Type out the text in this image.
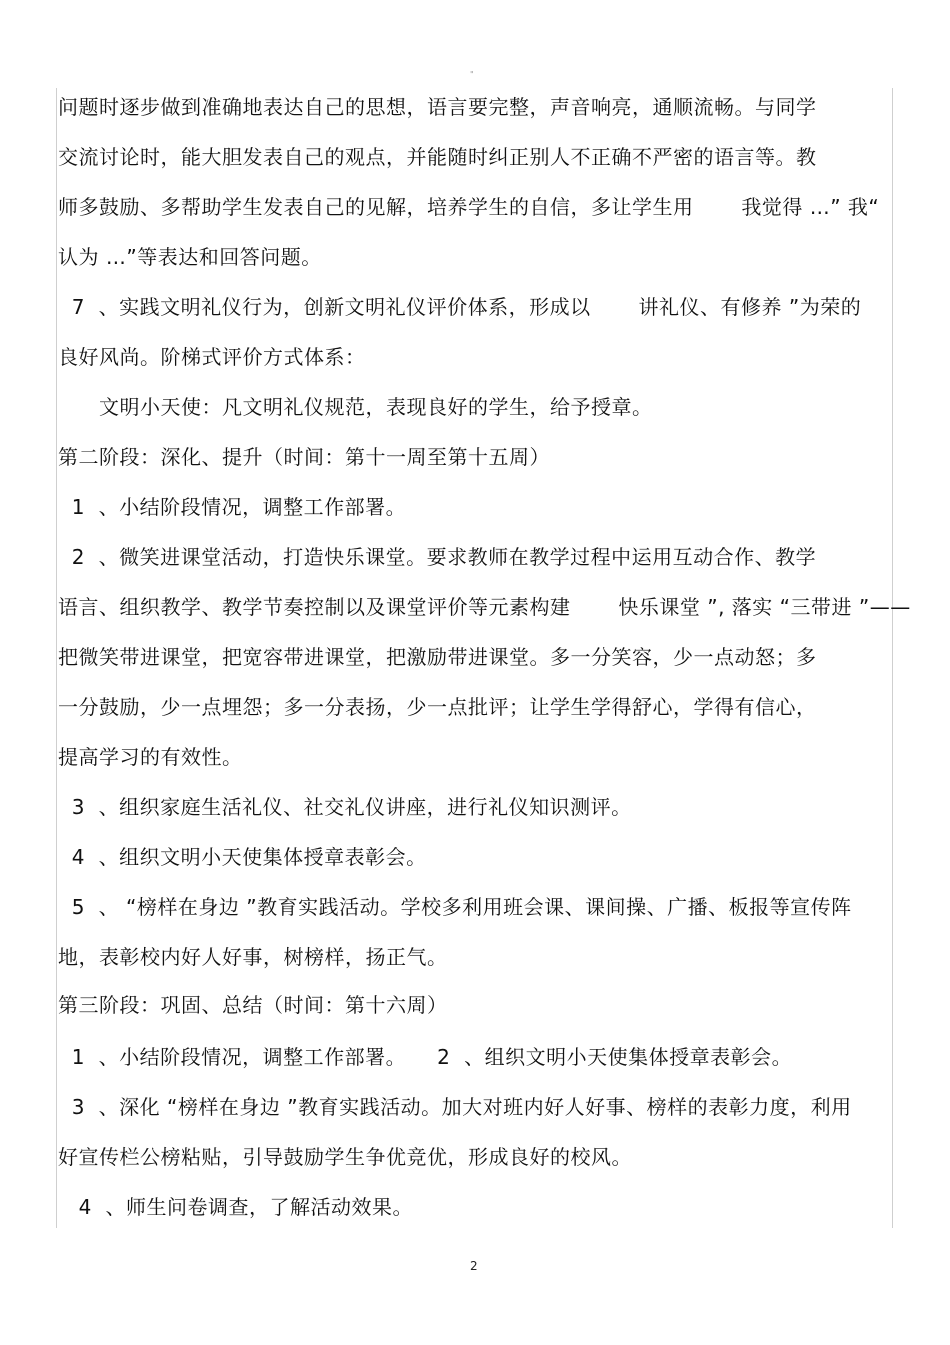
"
问题时逐步做到准确地表达自己的思想，语言要完整，声音响亮，通顺流畅。与同学
交流讨论时，能大胆发表自己的观点，并能随时纠正别人不正确不严密的语言等。教
师多鼓励、多帮助学生发表自己的见解，培养学生的自信，多让学生用　　 我觉得 …” 我“
认为 …”等表达和回答问题。
7  、实践文明礼仪行为，创新文明礼仪评价体系，形成以 　　讲礼仪、有修养 ”为荣的
良好风尚。阶梯式评价方式体系：
　　文明小天使：凡文明礼仪规范，表现良好的学生，给予授章。
第二阶段：深化、提升（时间：第十一周至第十五周）
1  、小结阶段情况，调整工作部署。
2  、微笑进课堂活动，打造快乐课堂。要求教师在教学过程中运用互动合作、教学
语言、组织教学、教学节奏控制以及课堂评价等元素构建 　　快乐课堂 ”, 落实 “三带进 ”——
把微笑带进课堂，把宽容带进课堂，把激励带进课堂。多一分笑容，少一点动怒；多
一分鼓励，少一点埋怨；多一分表扬，少一点批评；让学生学得舒心，学得有信心，
提高学习的有效性。
3  、组织家庭生活礼仪、社交礼仪讲座，进行礼仪知识测评。
4  、组织文明小天使集体授章表彰会。
5  、 “榜样在身边 ”教育实践活动。学校多利用班会课、课间操、广播、板报等宣传阵
地，表彰校内好人好事，树榜样，扬正气。
第三阶段：巩固、总结（时间：第十六周）
1  、小结阶段情况，调整工作部署。　　2  、组织文明小天使集体授章表彰会。
3  、深化 “榜样在身边 ”教育实践活动。加大对班内好人好事、榜样的表彰力度，利用
好宣传栏公榜粘贴，引导鼓励学生争优竞优，形成良好的校风。
4  、师生问卷调查，了解活动效果。
2
